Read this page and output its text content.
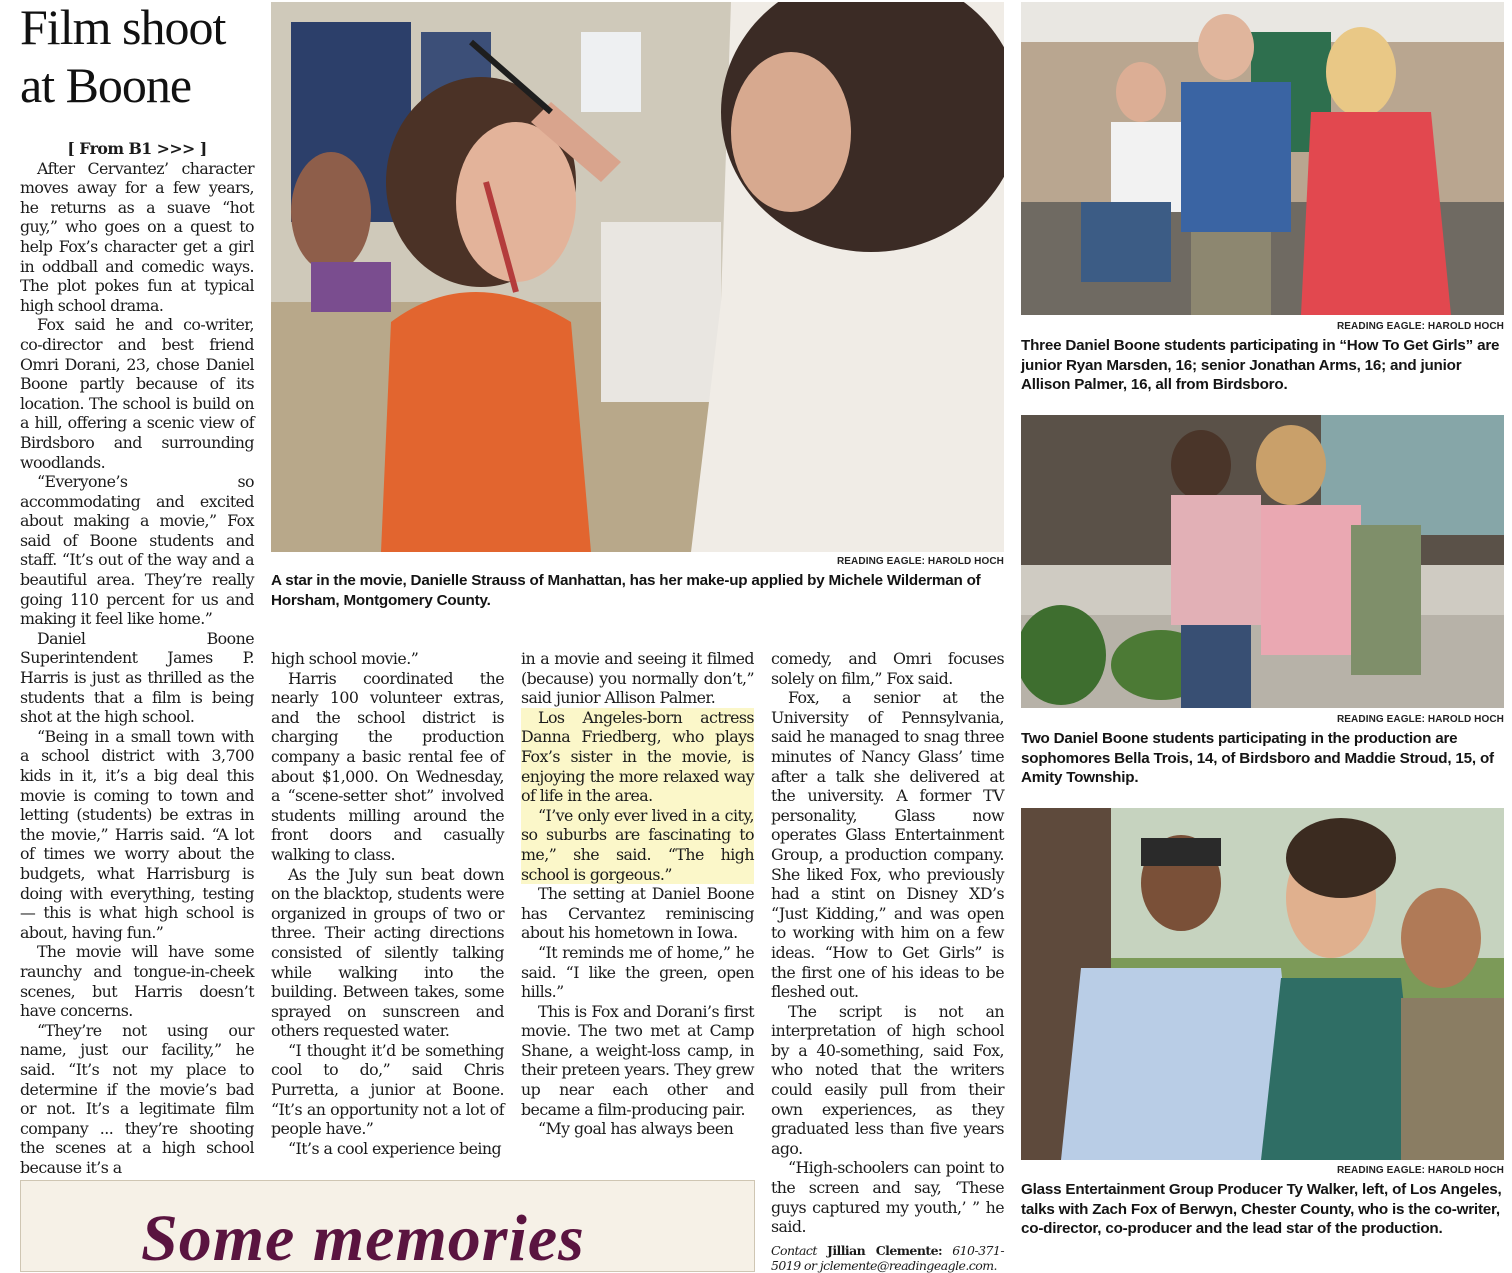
Film shoot
at Boone

[ From B1 >>> ]

After Cervantez’ character moves away for a few years, he returns as a suave “hot guy,” who goes on a quest to help Fox’s character get a girl in oddball and comedic ways. The plot pokes fun at typical high school drama.

Fox said he and co-writer, co-director and best friend Omri Dorani, 23, chose Daniel Boone partly because of its location. The school is build on a hill, offering a scenic view of Birdsboro and surrounding woodlands.

“Everyone’s so accommodating and excited about making a movie,” Fox said of Boone students and staff. “It’s out of the way and a beautiful area. They’re really going 110 percent for us and making it feel like home.”

Daniel Boone Superintendent James P. Harris is just as thrilled as the students that a film is being shot at the high school.

“Being in a small town with a school district with 3,700 kids in it, it’s a big deal this movie is coming to town and letting (students) be extras in the movie,” Harris said. “A lot of times we worry about the budgets, what Harrisburg is doing with everything, testing — this is what high school is about, having fun.”

The movie will have some raunchy and tongue-in-cheek scenes, but Harris doesn’t have concerns.

“They’re not using our name, just our facility,” he said. “It’s not my place to determine if the movie’s bad or not. It’s a legitimate film company ... they’re shooting the scenes at a high school because it’s a

READING EAGLE: HAROLD HOCH
A star in the movie, Danielle Strauss of Manhattan, has her make-up applied by Michele Wilderman of Horsham, Montgomery County.

high school movie.”

Harris coordinated the nearly 100 volunteer extras, and the school district is charging the production company a basic rental fee of about $1,000. On Wednesday, a “scene-setter shot” involved students milling around the front doors and casually walking to class.

As the July sun beat down on the blacktop, students were organized in groups of two or three. Their acting directions consisted of silently talking while walking into the building. Between takes, some sprayed on sunscreen and others requested water.

“I thought it’d be something cool to do,” said Chris Purretta, a junior at Boone. “It’s an opportunity not a lot of people have.”

“It’s a cool experience being

in a movie and seeing it filmed (because) you normally don’t,” said junior Allison Palmer.

Los Angeles-born actress Danna Friedberg, who plays Fox’s sister in the movie, is enjoying the more relaxed way of life in the area.

“I’ve only ever lived in a city, so suburbs are fascinating to me,” she said. “The high school is gorgeous.”

The setting at Daniel Boone has Cervantez reminiscing about his hometown in Iowa.

“It reminds me of home,” he said. “I like the green, open hills.”

This is Fox and Dorani’s first movie. The two met at Camp Shane, a weight-loss camp, in their preteen years. They grew up near each other and became a film-producing pair.

“My goal has always been

comedy, and Omri focuses solely on film,” Fox said.

Fox, a senior at the University of Pennsylvania, said he managed to snag three minutes of Nancy Glass’ time after a talk she delivered at the university. A former TV personality, Glass now operates Glass Entertainment Group, a production company. She liked Fox, who previously had a stint on Disney XD’s “Just Kidding,” and was open to working with him on a few ideas. “How to Get Girls” is the first one of his ideas to be fleshed out.

The script is not an interpretation of high school by a 40-something, said Fox, who noted that the writers could easily pull from their own experiences, as they graduated less than five years ago.

“High-schoolers can point to the screen and say, ‘These guys captured my youth,’ ” he said.

Contact Jillian Clemente: 610-371-5019 or jclemente@readingeagle.com.

READING EAGLE: HAROLD HOCH
Three Daniel Boone students participating in “How To Get Girls” are junior Ryan Marsden, 16; senior Jonathan Arms, 16; and junior Allison Palmer, 16, all from Birdsboro.
READING EAGLE: HAROLD HOCH
Two Daniel Boone students participating in the production are sophomores Bella Trois, 14, of Birdsboro and Maddie Stroud, 15, of Amity Township.
READING EAGLE: HAROLD HOCH
Glass Entertainment Group Producer Ty Walker, left, of Los Angeles, talks with Zach Fox of Berwyn, Chester County, who is the co-writer, co-director, co-producer and the lead star of the production.
Some memories
